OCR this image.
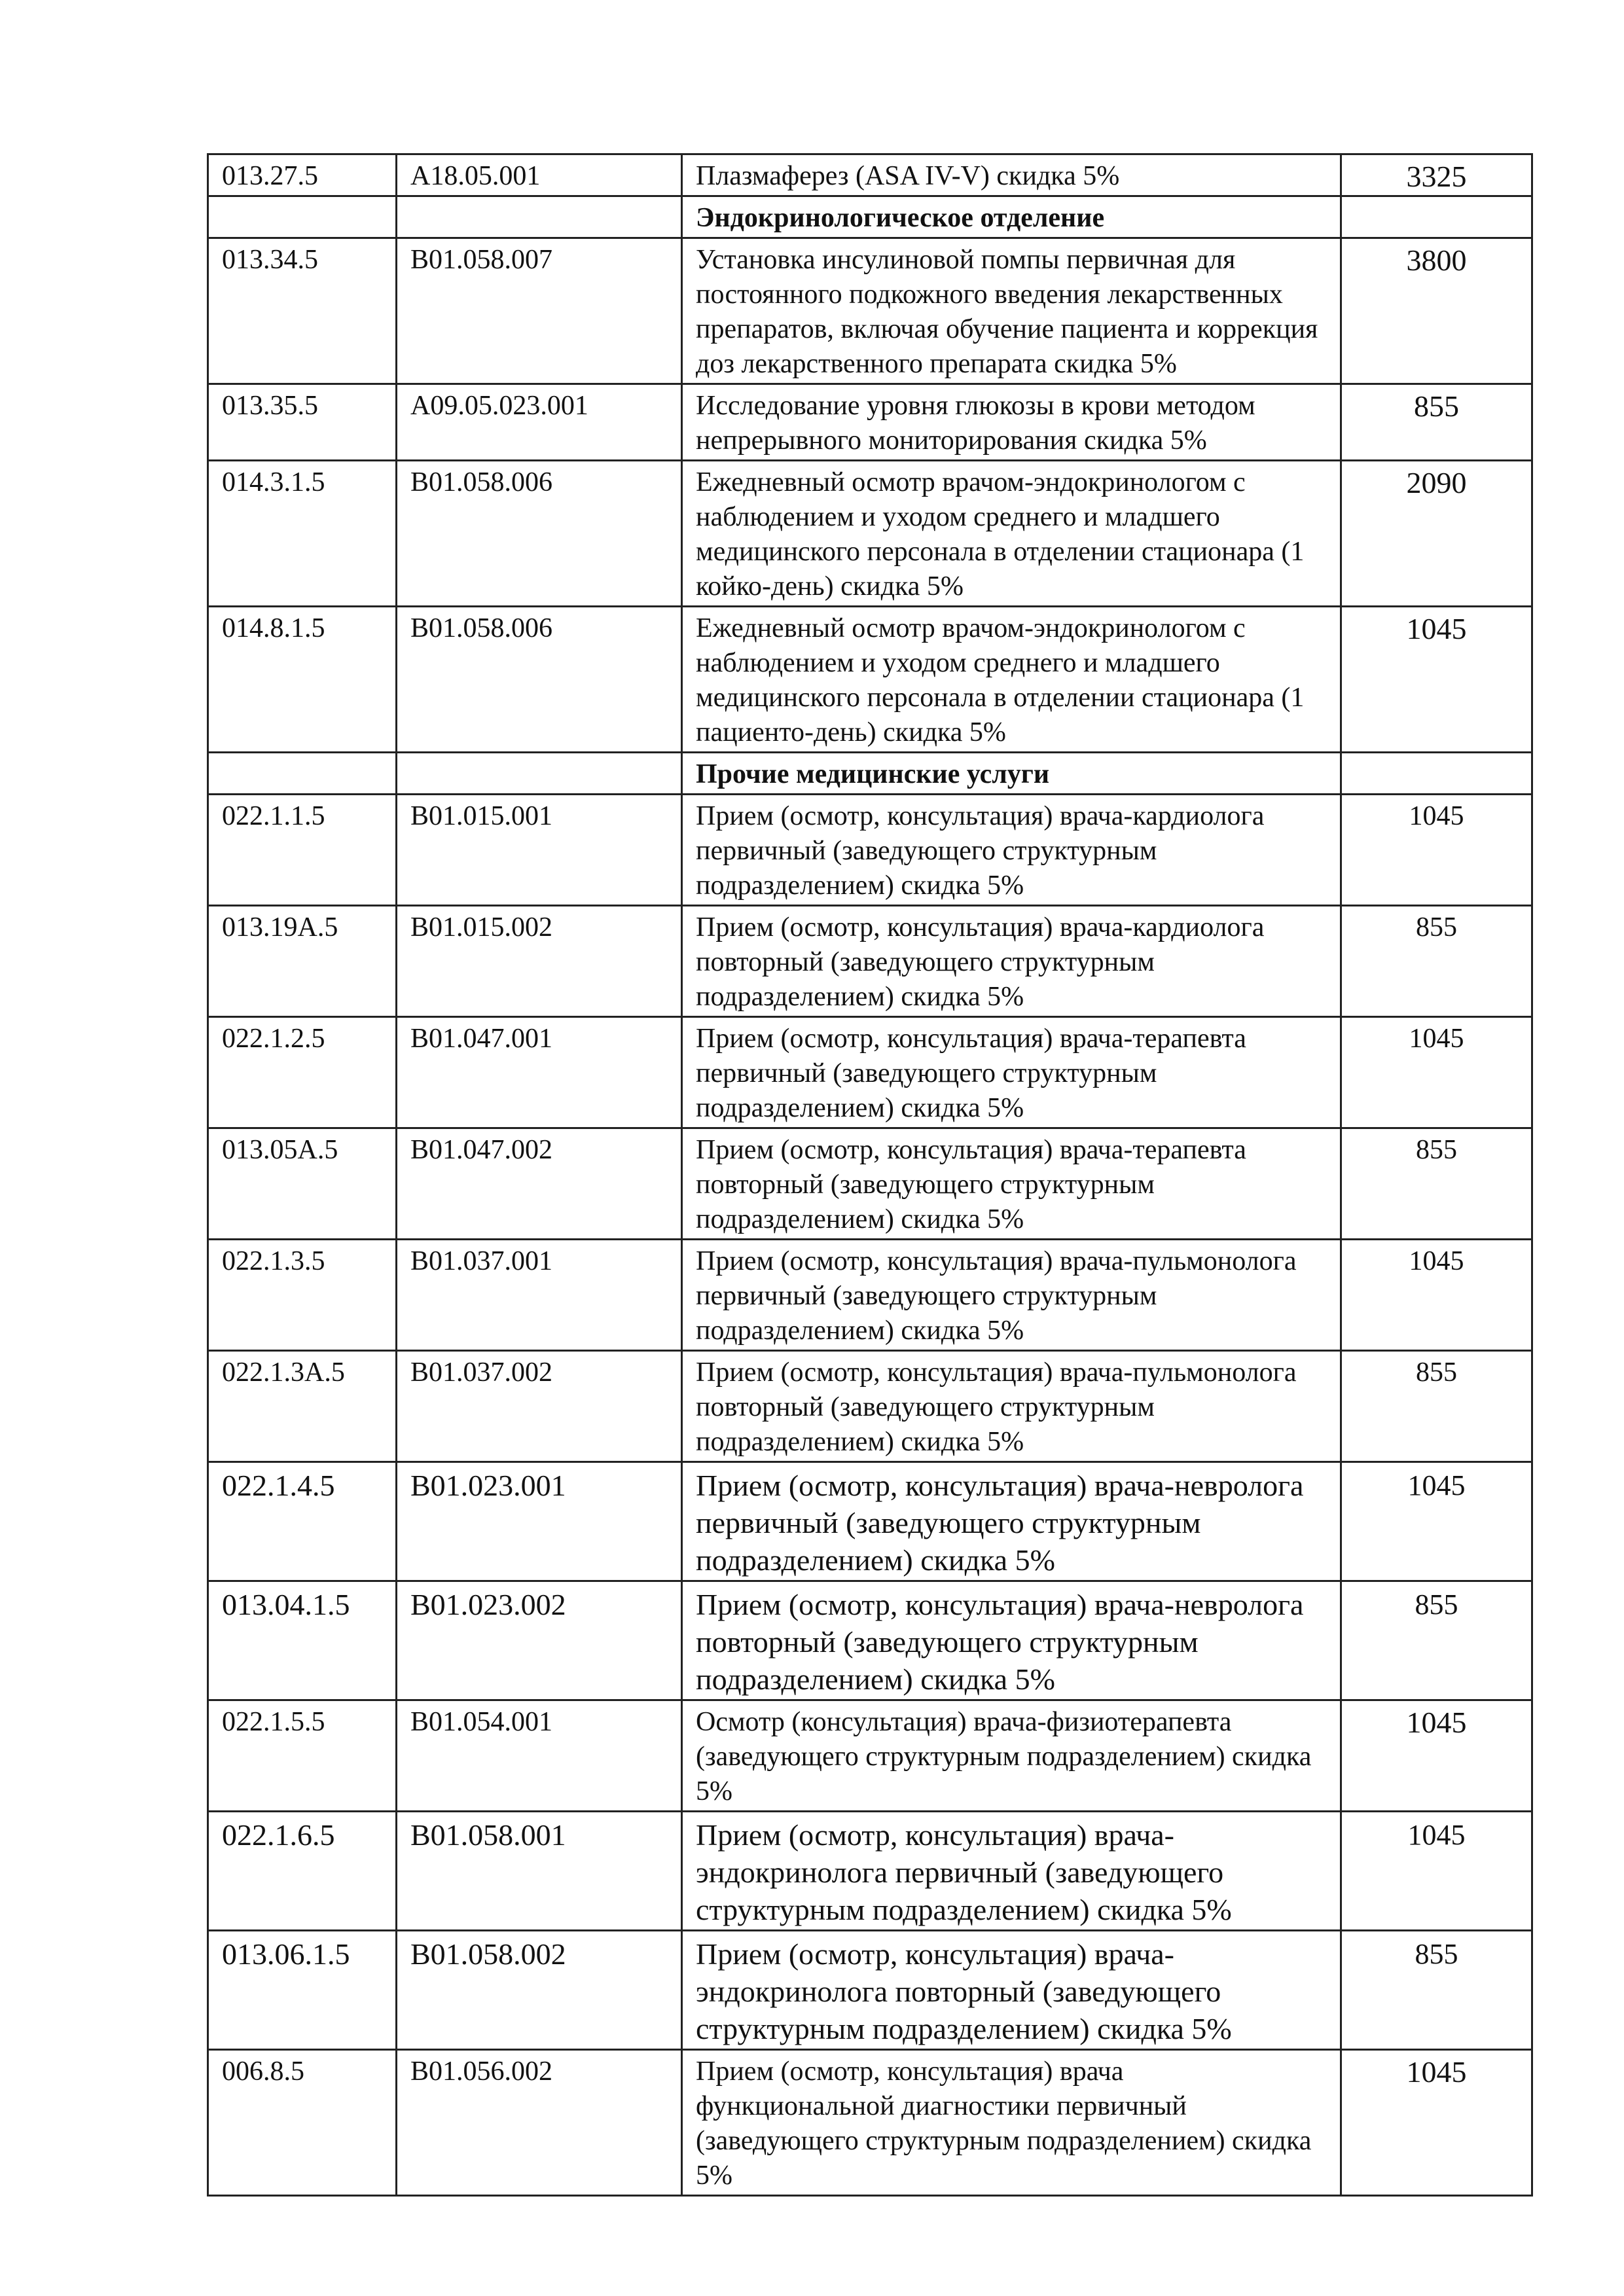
013.27.5	A18.05.001	Плазмаферез (ASA IV-V) скидка 5%	3325
		Эндокринологическое отделение	
013.34.5	B01.058.007	Установка инсулиновой помпы первичная для постоянного подкожного введения лекарственных препаратов, включая обучение пациента и коррекция доз лекарственного препарата скидка 5%	3800
013.35.5	A09.05.023.001	Исследование уровня глюкозы в крови методом непрерывного мониторирования скидка 5%	855
014.3.1.5	B01.058.006	Ежедневный осмотр врачом-эндокринологом с наблюдением и уходом среднего и младшего медицинского персонала в отделении стационара (1 койко-день) скидка 5%	2090
014.8.1.5	B01.058.006	Ежедневный осмотр врачом-эндокринологом с наблюдением и уходом среднего и младшего медицинского персонала в отделении стационара (1 пациенто-день) скидка 5%	1045
		Прочие медицинские услуги	
022.1.1.5	B01.015.001	Прием (осмотр, консультация) врача-кардиолога первичный (заведующего структурным подразделением) скидка 5%	1045
013.19А.5	B01.015.002	Прием (осмотр, консультация) врача-кардиолога повторный (заведующего структурным подразделением) скидка 5%	855
022.1.2.5	B01.047.001	Прием (осмотр, консультация) врача-терапевта первичный (заведующего структурным подразделением) скидка 5%	1045
013.05А.5	B01.047.002	Прием (осмотр, консультация) врача-терапевта повторный (заведующего структурным подразделением) скидка 5%	855
022.1.3.5	B01.037.001	Прием (осмотр, консультация) врача-пульмонолога первичный (заведующего структурным подразделением) скидка 5%	1045
022.1.3А.5	B01.037.002	Прием (осмотр, консультация) врача-пульмонолога повторный (заведующего структурным подразделением) скидка 5%	855
022.1.4.5	B01.023.001	Прием (осмотр, консультация) врача-невролога первичный (заведующего структурным подразделением) скидка 5%	1045
013.04.1.5	B01.023.002	Прием (осмотр, консультация) врача-невролога повторный (заведующего структурным подразделением) скидка 5%	855
022.1.5.5	B01.054.001	Осмотр (консультация) врача-физиотерапевта (заведующего структурным подразделением) скидка 5%	1045
022.1.6.5	B01.058.001	Прием (осмотр, консультация) врача-эндокринолога первичный (заведующего структурным подразделением) скидка 5%	1045
013.06.1.5	B01.058.002	Прием (осмотр, консультация) врача-эндокринолога повторный (заведующего структурным подразделением) скидка 5%	855
006.8.5	B01.056.002	Прием (осмотр, консультация) врача функциональной диагностики первичный (заведующего структурным подразделением) скидка 5%	1045
